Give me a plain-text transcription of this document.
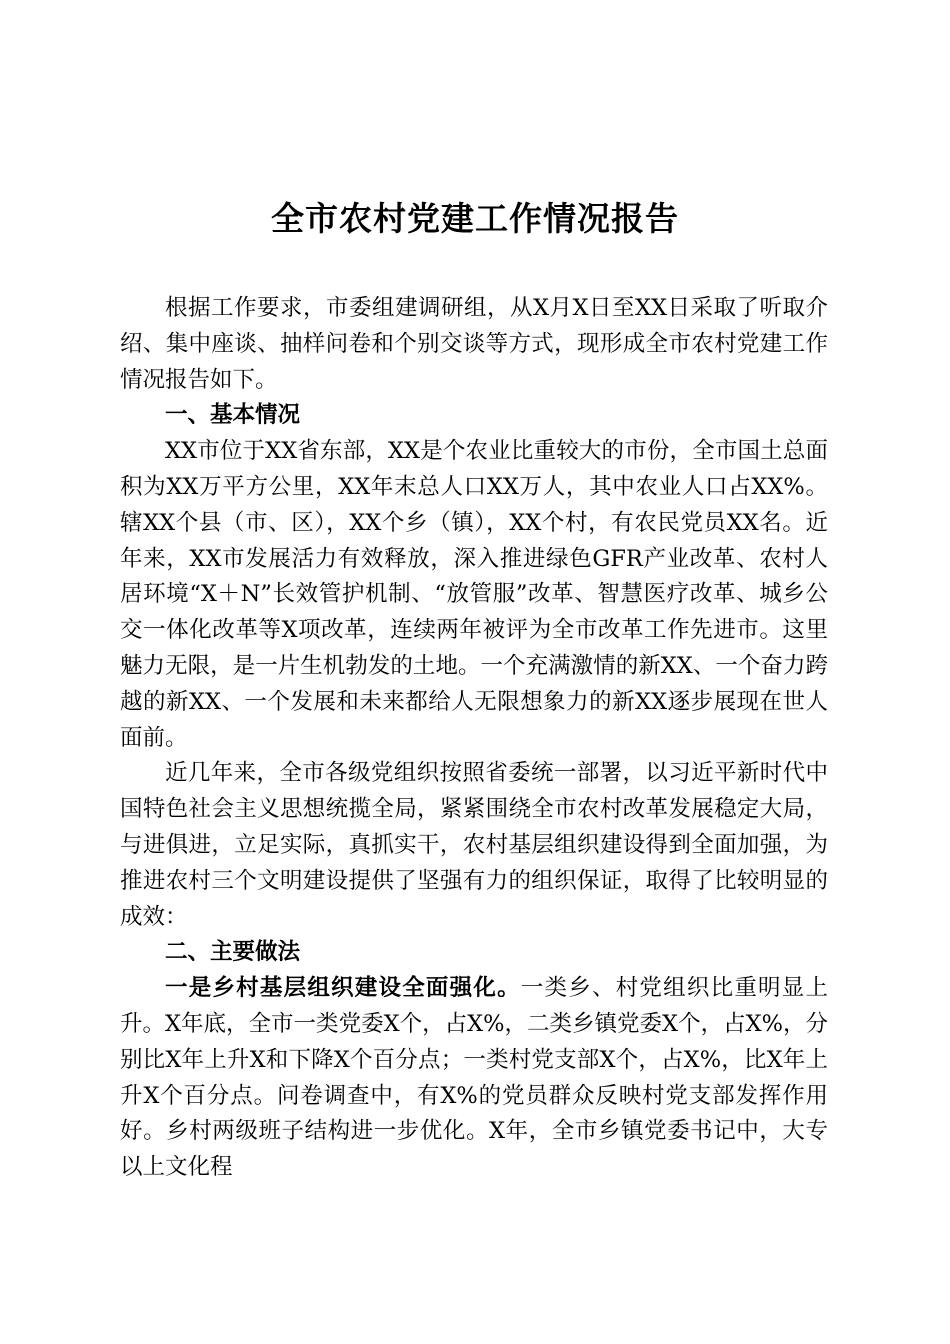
全市农村党建工作情况报告

根据工作要求，市委组建调研组，从X月X日至XX日采取了听取介绍、集中座谈、抽样问卷和个别交谈等方式，现形成全市农村党建工作情况报告如下。

一、基本情况

XX市位于XX省东部，XX是个农业比重较大的市份，全市国土总面积为XX万平方公里，XX年末总人口XX万人，其中农业人口占XX%。辖XX个县（市、区），XX个乡（镇），XX个村，有农民党员XX名。近年来，XX市发展活力有效释放，深入推进绿色GFR产业改革、农村人居环境“X＋N”长效管护机制、“放管服”改革、智慧医疗改革、城乡公交一体化改革等X项改革，连续两年被评为全市改革工作先进市。这里魅力无限，是一片生机勃发的土地。一个充满激情的新XX、一个奋力跨越的新XX、一个发展和未来都给人无限想象力的新XX逐步展现在世人面前。

近几年来，全市各级党组织按照省委统一部署，以习近平新时代中国特色社会主义思想统揽全局，紧紧围绕全市农村改革发展稳定大局，与进俱进，立足实际，真抓实干，农村基层组织建设得到全面加强，为推进农村三个文明建设提供了坚强有力的组织保证，取得了比较明显的成效：

二、主要做法

一是乡村基层组织建设全面强化。一类乡、村党组织比重明显上升。X年底，全市一类党委X个，占X%，二类乡镇党委X个，占X%，分别比X年上升X和下降X个百分点；一类村党支部X个，占X%，比X年上升X个百分点。问卷调查中，有X%的党员群众反映村党支部发挥作用好。乡村两级班子结构进一步优化。X年，全市乡镇党委书记中，大专以上文化程
